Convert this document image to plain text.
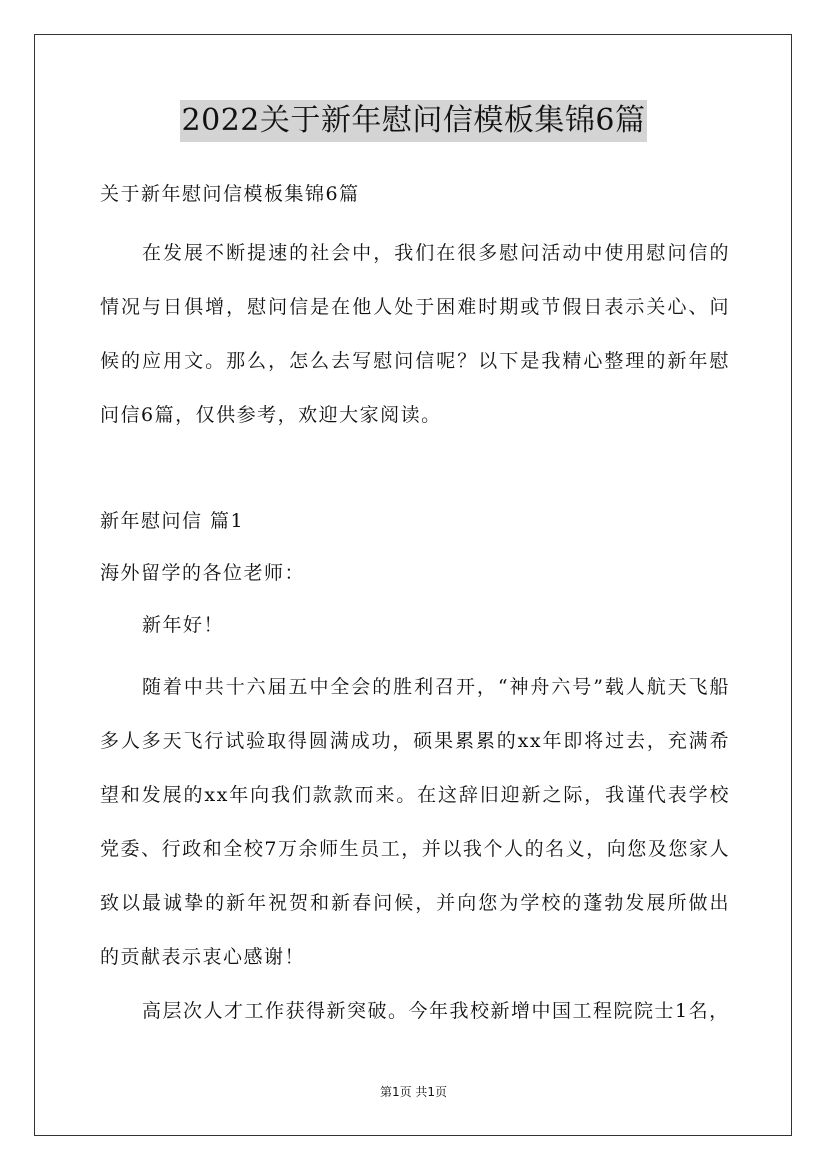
2022关于新年慰问信模板集锦6篇

关于新年慰问信模板集锦6篇

在发展不断提速的社会中，我们在很多慰问活动中使用慰问信的情况与日俱增，慰问信是在他人处于困难时期或节假日表示关心、问候的应用文。那么，怎么去写慰问信呢？以下是我精心整理的新年慰问信6篇，仅供参考，欢迎大家阅读。

新年慰问信 篇1

海外留学的各位老师：

新年好！

随着中共十六届五中全会的胜利召开，“神舟六号”载人航天飞船多人多天飞行试验取得圆满成功，硕果累累的xx年即将过去，充满希望和发展的xx年向我们款款而来。在这辞旧迎新之际，我谨代表学校党委、行政和全校7万余师生员工，并以我个人的名义，向您及您家人致以最诚挚的新年祝贺和新春问候，并向您为学校的蓬勃发展所做出的贡献表示衷心感谢！

高层次人才工作获得新突破。今年我校新增中国工程院院士1名，

第1页 共1页
